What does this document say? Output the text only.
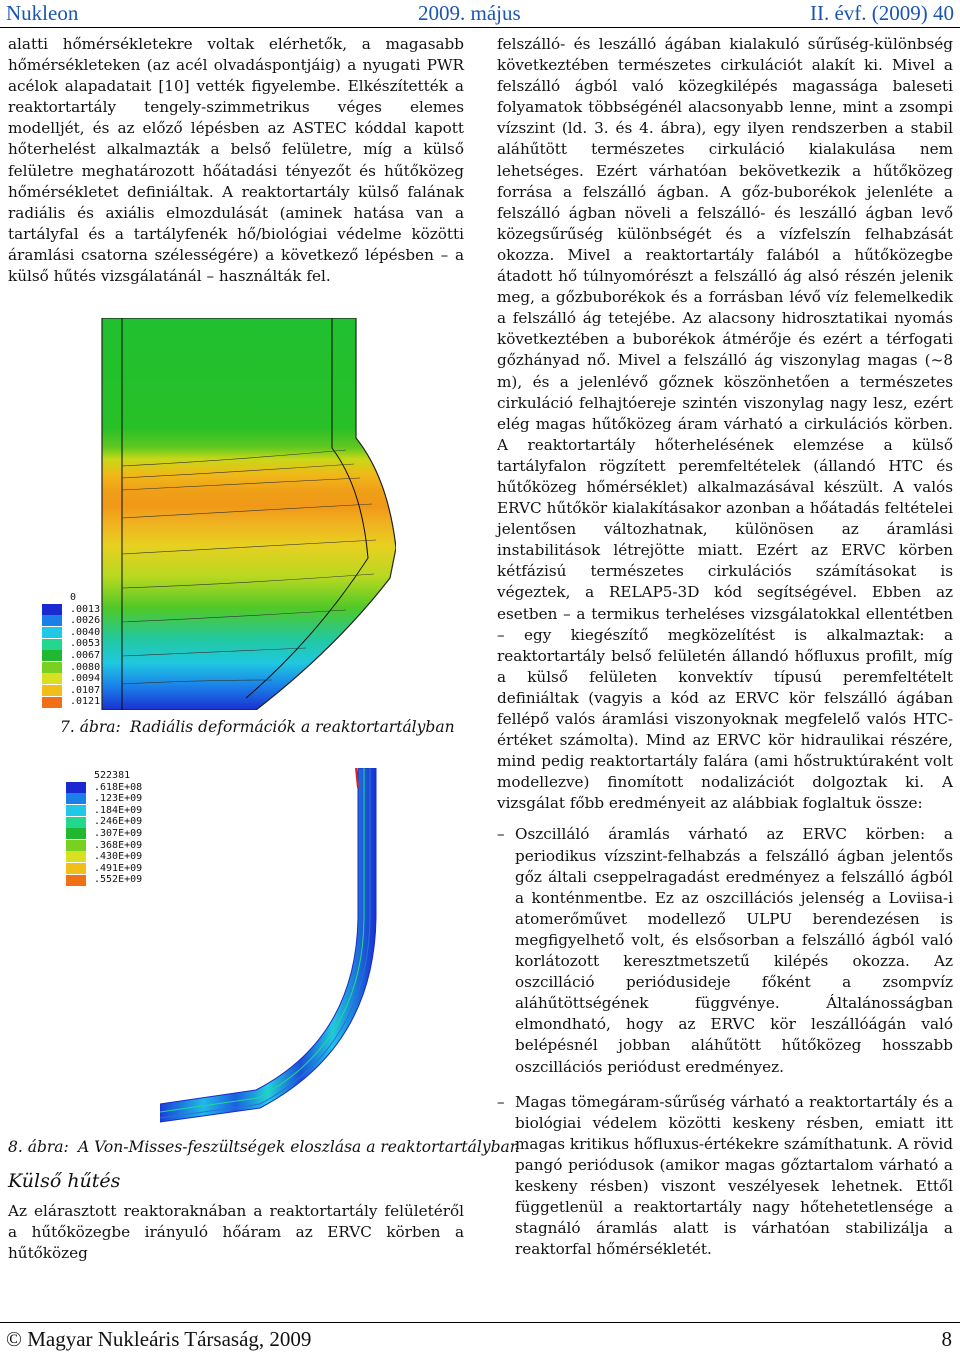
Nukleon	2009. május	II. évf. (2009) 40

alatti hőmérsékletekre voltak elérhetők, a magasabb hőmérsékleteken (az acél olvadáspontjáig) a nyugati PWR acélok alapadatait [10] vették figyelembe. Elkészítették a reaktortartály tengely-szimmetrikus véges elemes modelljét, és az előző lépésben az ASTEC kóddal kapott hőterhelést alkalmazták a belső felületre, míg a külső felületre meghatározott hőátadási tényezőt és hűtőközeg hőmérsékletet definiáltak. A reaktortartály külső falának radiális és axiális elmozdulását (aminek hatása van a tartályfal és a tartályfenék hő/biológiai védelme közötti áramlási csatorna szélességére) a következő lépésben – a külső hűtés vizsgálatánál – használták fel.

0
.0013
.0026
.0040
.0053
.0067
.0080
.0094
.0107
.0121
7. ábra: Radiális deformációk a reaktortartályban
522381
.618E+08
.123E+09
.184E+09
.246E+09
.307E+09
.368E+09
.430E+09
.491E+09
.552E+09
8. ábra: A Von-Misses-feszültségek eloszlása a reaktortartályban
Külső hűtés

Az elárasztott reaktoraknában a reaktortartály felületéről a hűtőközegbe irányuló hőáram az ERVC körben a hűtőközeg

felszálló- és leszálló ágában kialakuló sűrűség-különbség következtében természetes cirkulációt alakít ki. Mivel a felszálló ágból való közegkilépés magassága baleseti folyamatok többségénél alacsonyabb lenne, mint a zsompi vízszint (ld. 3. és 4. ábra), egy ilyen rendszerben a stabil aláhűtött természetes cirkuláció kialakulása nem lehetséges. Ezért várhatóan bekövetkezik a hűtőközeg forrása a felszálló ágban. A gőz-buborékok jelenléte a felszálló ágban növeli a felszálló- és leszálló ágban levő közegsűrűség különbségét és a vízfelszín felhabzását okozza. Mivel a reaktortartály falából a hűtőközegbe átadott hő túlnyomórészt a felszálló ág alsó részén jelenik meg, a gőzbuborékok és a forrásban lévő víz felemelkedik a felszálló ág tetejébe. Az alacsony hidrosztatikai nyomás következtében a buborékok átmérője és ezért a térfogati gőzhányad nő. Mivel a felszálló ág viszonylag magas (~8 m), és a jelenlévő gőznek köszönhetően a természetes cirkuláció felhajtóereje szintén viszonylag nagy lesz, ezért elég magas hűtőközeg áram várható a cirkulációs körben. A reaktortartály hőterhelésének elemzése a külső tartályfalon rögzített peremfeltételek (állandó HTC és hűtőközeg hőmérséklet) alkalmazásával készült. A valós ERVC hűtőkör kialakításakor azonban a hőátadás feltételei jelentősen változhatnak, különösen az áramlási instabilitások létrejötte miatt. Ezért az ERVC körben kétfázisú természetes cirkulációs számításokat is végeztek, a RELAP5-3D kód segítségével. Ebben az esetben – a termikus terheléses vizsgálatokkal ellentétben – egy kiegészítő megközelítést is alkalmaztak: a reaktortartály belső felületén állandó hőfluxus profilt, míg a külső felületen konvektív típusú peremfeltételt definiáltak (vagyis a kód az ERVC kör felszálló ágában fellépő valós áramlási viszonyoknak megfelelő valós HTC-értéket számolta). Mind az ERVC kör hidraulikai részére, mind pedig reaktortartály falára (ami hőstruktúraként volt modellezve) finomított nodalizációt dolgoztak ki. A vizsgálat főbb eredményeit az alábbiak foglaltuk össze:

– Oszcilláló áramlás várható az ERVC körben: a periodikus vízszint-felhabzás a felszálló ágban jelentős gőz általi cseppelragadást eredményez a felszálló ágból a konténmentbe. Ez az oszcillációs jelenség a Loviisa-i atomerőművet modellező ULPU berendezésen is megfigyelhető volt, és elsősorban a felszálló ágból való korlátozott keresztmetszetű kilépés okozza. Az oszcilláció periódusideje főként a zsompvíz aláhűtöttségének függvénye. Általánosságban elmondható, hogy az ERVC kör leszállóágán való belépésnél jobban aláhűtött hűtőközeg hosszabb oszcillációs periódust eredményez.
– Magas tömegáram-sűrűség várható a reaktortartály és a biológiai védelem közötti keskeny résben, emiatt itt magas kritikus hőfluxus-értékekre számíthatunk. A rövid pangó periódusok (amikor magas gőztartalom várható a keskeny résben) viszont veszélyesek lehetnek. Ettől függetlenül a reaktortartály nagy hőtehetetlensége a stagnáló áramlás alatt is várhatóan stabilizálja a reaktorfal hőmérsékletét.
© Magyar Nukleáris Társaság, 2009	8
